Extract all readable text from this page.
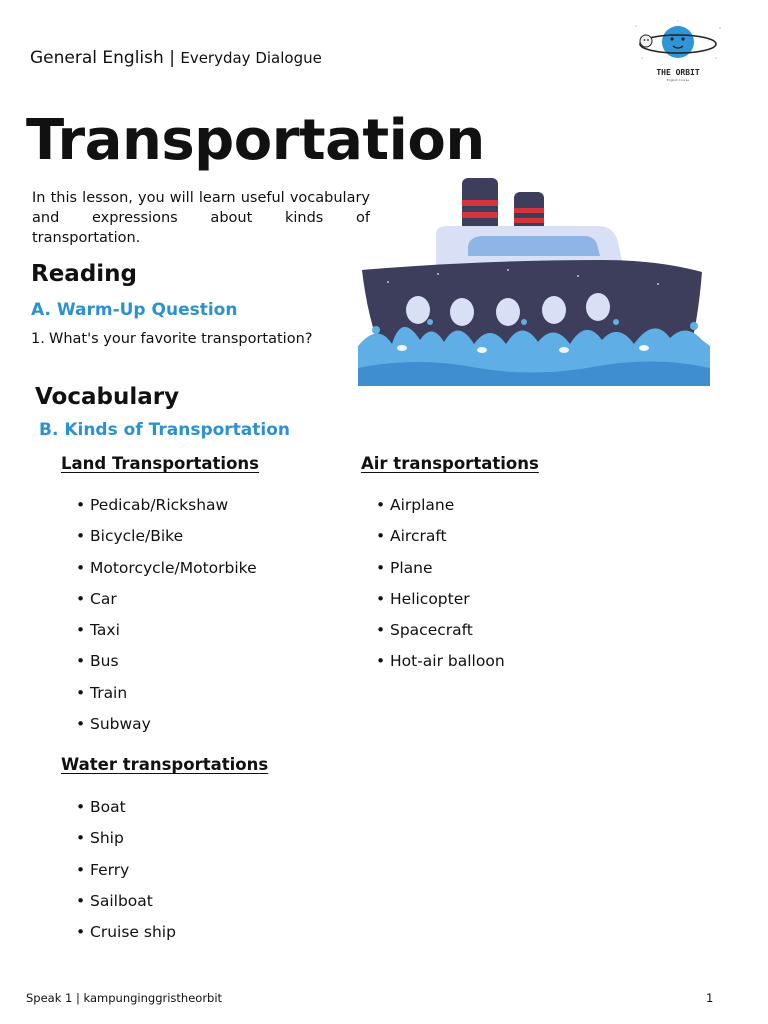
General English | Everyday Dialogue
THE ORBIT
English Course
Transportation
In this lesson, you will learn useful vocabulary and expressions about kinds of transportation.
Reading
A. Warm-Up Question
1. What's your favorite transportation?
Vocabulary
B. Kinds of Transportation
Land Transportations
• Pedicab/Rickshaw
• Bicycle/Bike
• Motorcycle/Motorbike
• Car
• Taxi
• Bus
• Train
• Subway
Air transportations
• Airplane
• Aircraft
• Plane
• Helicopter
• Spacecraft
• Hot-air balloon
Water transportations
• Boat
• Ship
• Ferry
• Sailboat
• Cruise ship
Speak 1 | kampunginggristheorbit	1
